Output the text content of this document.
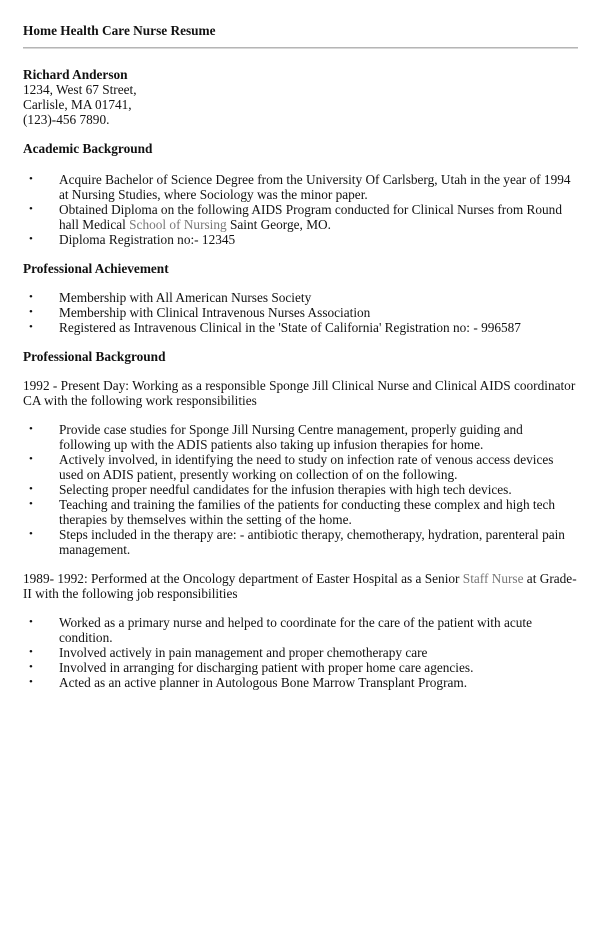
Home Health Care Nurse Resume
Richard Anderson
1234, West 67 Street,
Carlisle, MA 01741,
(123)-456 7890.
Academic Background
• Acquire Bachelor of Science Degree from the University Of Carlsberg, Utah in the year of 1994 at Nursing Studies, where Sociology was the minor paper.
• Obtained Diploma on the following AIDS Program conducted for Clinical Nurses from Round hall Medical School of Nursing Saint George, MO.
• Diploma Registration no:- 12345
Professional Achievement
• Membership with All American Nurses Society
• Membership with Clinical Intravenous Nurses Association
• Registered as Intravenous Clinical in the 'State of California' Registration no: - 996587
Professional Background

1992 - Present Day: Working as a responsible Sponge Jill Clinical Nurse and Clinical AIDS coordinator CA with the following work responsibilities

• Provide case studies for Sponge Jill Nursing Centre management, properly guiding and following up with the ADIS patients also taking up infusion therapies for home.
• Actively involved, in identifying the need to study on infection rate of venous access devices used on ADIS patient, presently working on collection of on the following.
• Selecting proper needful candidates for the infusion therapies with high tech devices.
• Teaching and training the families of the patients for conducting these complex and high tech therapies by themselves within the setting of the home.
• Steps included in the therapy are: - antibiotic therapy, chemotherapy, hydration, parenteral pain management.

1989- 1992: Performed at the Oncology department of Easter Hospital as a Senior Staff Nurse at Grade-II with the following job responsibilities

• Worked as a primary nurse and helped to coordinate for the care of the patient with acute condition.
• Involved actively in pain management and proper chemotherapy care
• Involved in arranging for discharging patient with proper home care agencies.
• Acted as an active planner in Autologous Bone Marrow Transplant Program.
